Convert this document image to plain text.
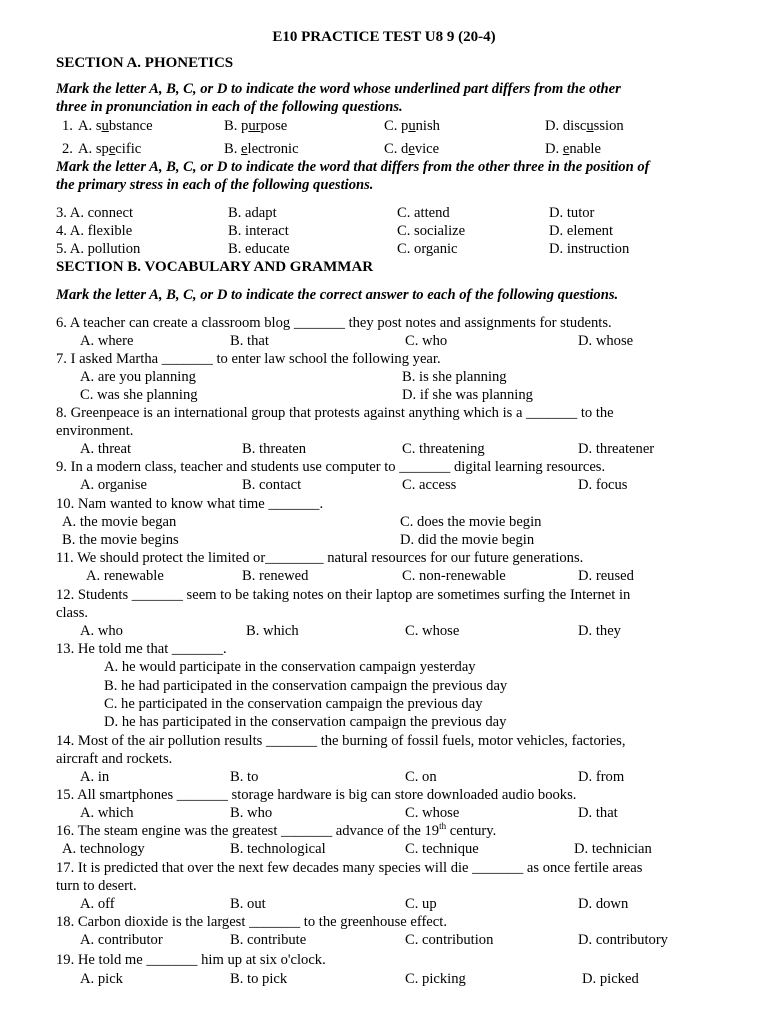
E10 PRACTICE TEST U8 9 (20-4)
SECTION A. PHONETICS
Mark the letter A, B, C, or D to indicate the word whose underlined part differs from the other
three in pronunciation in each of the following questions.
1. A. substance	B. purpose	C. punish	D. discussion
2. A. specific	B. electronic	C. device	D. enable
Mark the letter A, B, C, or D to indicate the word that differs from the other three in the position of
the primary stress in each of the following questions.
3. A. connect	B. adapt	C. attend	D. tutor
4. A. flexible	B. interact	C. socialize	D. element
5. A. pollution	B. educate	C. organic	D. instruction
SECTION B. VOCABULARY AND GRAMMAR
Mark the letter A, B, C, or D to indicate the correct answer to each of the following questions.
6. A teacher can create a classroom blog _______ they post notes and assignments for students.
A. where	B. that	C. who	D. whose
7. I asked Martha _______ to enter law school the following year.
A. are you planning	B. is she planning
C. was she planning	D. if she was planning
8. Greenpeace is an international group that protests against anything which is a _______ to the
environment.
A. threat	B. threaten	C. threatening	D. threatener
9. In a modern class, teacher and students use computer to _______ digital learning resources.
A. organise	B. contact	C. access	D. focus
10. Nam wanted to know what time _______.
A. the movie began	C. does the movie begin
B. the movie begins	D. did the movie begin
11. We should protect the limited or________ natural resources for our future generations.
A. renewable	B. renewed	C. non-renewable	D. reused
12. Students _______ seem to be taking notes on their laptop are sometimes surfing the Internet in
class.
A. who	B. which	C. whose	D. they
13. He told me that _______.
A. he would participate in the conservation campaign yesterday
B. he had participated in the conservation campaign the previous day
C. he participated in the conservation campaign the previous day
D. he has participated in the conservation campaign the previous day
14. Most of the air pollution results _______ the burning of fossil fuels, motor vehicles, factories,
aircraft and rockets.
A. in	B. to	C. on	D. from
15. All smartphones _______ storage hardware is big can store downloaded audio books.
A. which	B. who	C. whose	D. that
16. The steam engine was the greatest _______ advance of the 19th century.
A. technology	B. technological	C. technique	D. technician
17. It is predicted that over the next few decades many species will die _______ as once fertile areas
turn to desert.
A. off	B. out	C. up	D. down
18. Carbon dioxide is the largest _______ to the greenhouse effect.
A. contributor	B. contribute	C. contribution	D. contributory
19. He told me _______ him up at six o'clock.
A. pick	B. to pick	C. picking	D. picked
